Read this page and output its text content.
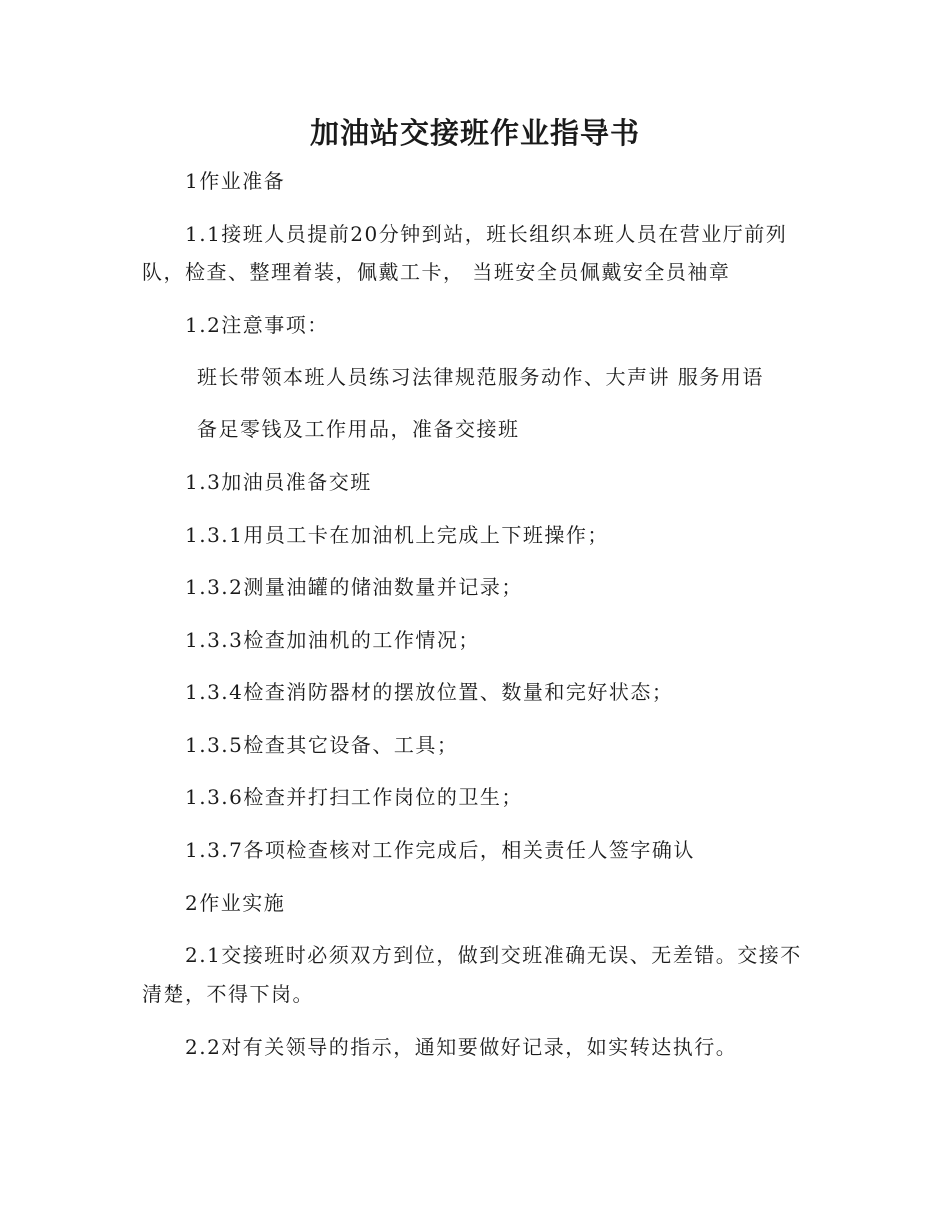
加油站交接班作业指导书

1作业准备

1.1接班人员提前20分钟到站，班长组织本班人员在营业厅前列

队，检查、整理着装，佩戴工卡， 当班安全员佩戴安全员袖章

1.2注意事项：

班长带领本班人员练习法律规范服务动作、大声讲 服务用语

备足零钱及工作用品，准备交接班

1.3加油员准备交班

1.3.1用员工卡在加油机上完成上下班操作；

1.3.2测量油罐的储油数量并记录；

1.3.3检查加油机的工作情况；

1.3.4检查消防器材的摆放位置、数量和完好状态；

1.3.5检查其它设备、工具；

1.3.6检查并打扫工作岗位的卫生；

1.3.7各项检查核对工作完成后，相关责任人签字确认

2作业实施

2.1交接班时必须双方到位，做到交班准确无误、无差错。交接不

清楚，不得下岗。

2.2对有关领导的指示，通知要做好记录，如实转达执行。
